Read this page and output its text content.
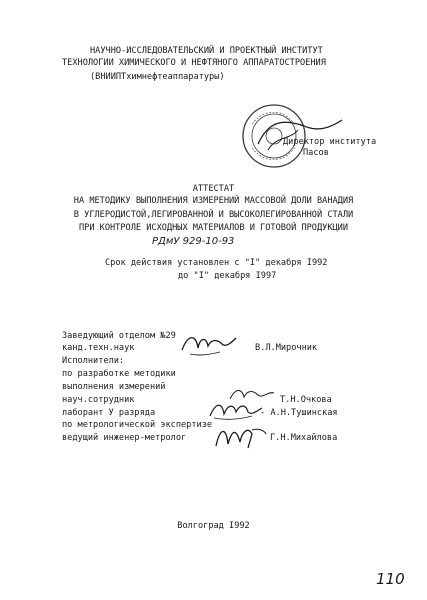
НАУЧНО-ИССЛЕДОВАТЕЛЬСКИЙ И ПРОЕКТНЫЙ ИНСТИТУТ
ТЕХНОЛОГИИ ХИМИЧЕСКОГО И НЕФТЯНОГО АППАРАТОСТРОЕНИЯ
(ВНИИПТхимнефтеаппаратуры)
Директор института
Пасов
АТТЕСТАТ
НА МЕТОДИКУ ВЫПОЛНЕНИЯ ИЗМЕРЕНИЙ МАССОВОЙ ДОЛИ ВАНАДИЯ
В УГЛЕРОДИСТОЙ,ЛЕГИРОВАННОЙ И ВЫСОКОЛЕГИРОВАННОЙ СТАЛИ
ПРИ КОНТРОЛЕ ИСХОДНЫХ МАТЕРИАЛОВ И ГОТОВОЙ ПРОДУКЦИИ
РДмУ 929-10-93
Срок действия установлен с "I" декабря I992
до "I" декабря I997
Заведующий отделом №29
канд.техн.наук	В.Л.Мирочник
Исполнители:
по разработке методики
выполнения измерений
науч.сотрудник	Т.Н.Очкова
лаборант У разряда	- А.Н.Тушинская
по метрологической экспертизе
ведущий инженер-метролог	Г.Н.Михайлова
Волгоград I992
110
